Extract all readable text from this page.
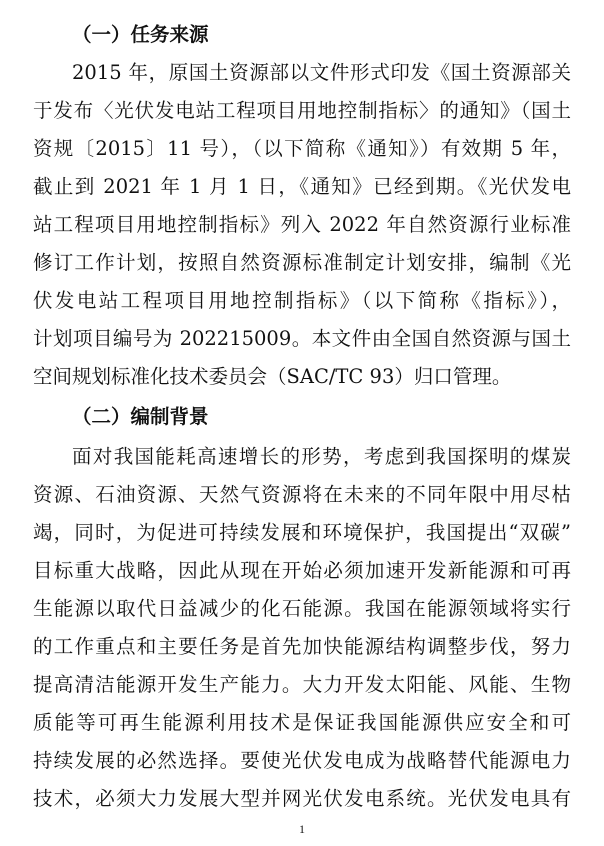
（一）任务来源
2015 年，原国土资源部以文件形式印发《国土资源部关
于发布〈光伏发电站工程项目用地控制指标〉的通知》（国土
资规〔2015〕11 号），（以下简称《通知》）有效期 5 年，
截止到 2021 年 1 月 1 日，《通知》已经到期。《光伏发电
站工程项目用地控制指标》列入 2022 年自然资源行业标准
修订工作计划，按照自然资源标准制定计划安排，编制《光
伏发电站工程项目用地控制指标》（以下简称《指标》），
计划项目编号为 202215009。本文件由全国自然资源与国土
空间规划标准化技术委员会（SAC/TC 93）归口管理。
（二）编制背景
面对我国能耗高速增长的形势，考虑到我国探明的煤炭
资源、石油资源、天然气资源将在未来的不同年限中用尽枯
竭，同时，为促进可持续发展和环境保护，我国提出“双碳”
目标重大战略，因此从现在开始必须加速开发新能源和可再
生能源以取代日益减少的化石能源。我国在能源领域将实行
的工作重点和主要任务是首先加快能源结构调整步伐，努力
提高清洁能源开发生产能力。大力开发太阳能、风能、生物
质能等可再生能源利用技术是保证我国能源供应安全和可
持续发展的必然选择。要使光伏发电成为战略替代能源电力
技术，必须大力发展大型并网光伏发电系统。光伏发电具有
1
